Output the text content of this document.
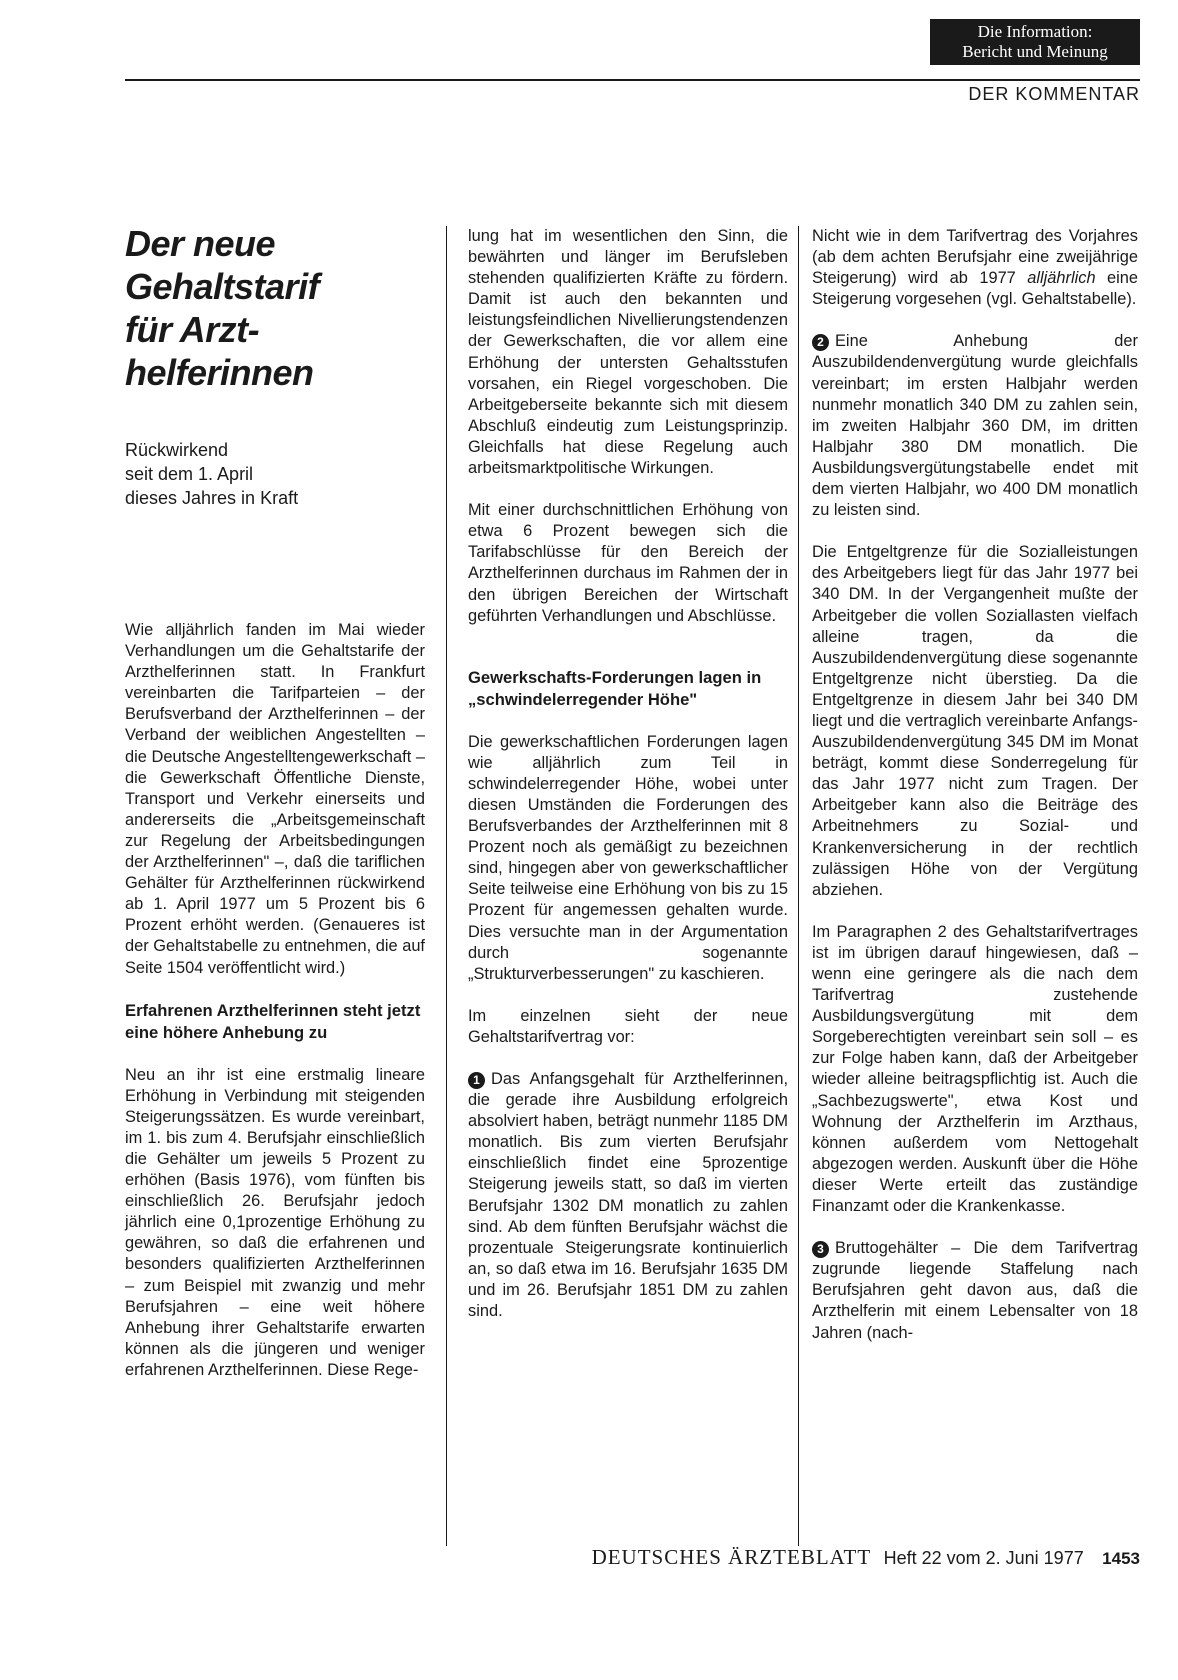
Die Information:
Bericht und Meinung
DER KOMMENTAR
Der neue
Gehaltstarif
für Arzt-
helferinnen
Rückwirkend
seit dem 1. April
dieses Jahres in Kraft

Wie alljährlich fanden im Mai wieder Verhandlungen um die Gehaltstarife der Arzthelferinnen statt. In Frankfurt vereinbarten die Tarifparteien – der Berufsverband der Arzthelferinnen – der Verband der weiblichen Angestellten – die Deutsche Angestelltengewerkschaft – die Gewerkschaft Öffentliche Dienste, Transport und Verkehr einerseits und andererseits die „Arbeitsgemeinschaft zur Regelung der Arbeitsbedingungen der Arzthelferinnen" –, daß die tariflichen Gehälter für Arzthelferinnen rückwirkend ab 1. April 1977 um 5 Prozent bis 6 Prozent erhöht werden. (Genaueres ist der Gehaltstabelle zu entnehmen, die auf Seite 1504 veröffentlicht wird.)

Erfahrenen Arzthelferinnen steht jetzt eine höhere Anhebung zu

Neu an ihr ist eine erstmalig lineare Erhöhung in Verbindung mit steigenden Steigerungssätzen. Es wurde vereinbart, im 1. bis zum 4. Berufsjahr einschließlich die Gehälter um jeweils 5 Prozent zu erhöhen (Basis 1976), vom fünften bis einschließlich 26. Berufsjahr jedoch jährlich eine 0,1prozentige Erhöhung zu gewähren, so daß die erfahrenen und besonders qualifizierten Arzthelferinnen – zum Beispiel mit zwanzig und mehr Berufsjahren – eine weit höhere Anhebung ihrer Gehaltstarife erwarten können als die jüngeren und weniger erfahrenen Arzthelferinnen. Diese Rege-

lung hat im wesentlichen den Sinn, die bewährten und länger im Berufsleben stehenden qualifizierten Kräfte zu fördern. Damit ist auch den bekannten und leistungsfeindlichen Nivellierungstendenzen der Gewerkschaften, die vor allem eine Erhöhung der untersten Gehaltsstufen vorsahen, ein Riegel vorgeschoben. Die Arbeitgeberseite bekannte sich mit diesem Abschluß eindeutig zum Leistungsprinzip. Gleichfalls hat diese Regelung auch arbeitsmarktpolitische Wirkungen.

Mit einer durchschnittlichen Erhöhung von etwa 6 Prozent bewegen sich die Tarifabschlüsse für den Bereich der Arzthelferinnen durchaus im Rahmen der in den übrigen Bereichen der Wirtschaft geführten Verhandlungen und Abschlüsse.

Gewerkschafts-Forderungen lagen in „schwindelerregender Höhe"

Die gewerkschaftlichen Forderungen lagen wie alljährlich zum Teil in schwindelerregender Höhe, wobei unter diesen Umständen die Forderungen des Berufsverbandes der Arzthelferinnen mit 8 Prozent noch als gemäßigt zu bezeichnen sind, hingegen aber von gewerkschaftlicher Seite teilweise eine Erhöhung von bis zu 15 Prozent für angemessen gehalten wurde. Dies versuchte man in der Argumentation durch sogenannte „Strukturverbesserungen" zu kaschieren.

Im einzelnen sieht der neue Gehaltstarifvertrag vor:

1 Das Anfangsgehalt für Arzthelferinnen, die gerade ihre Ausbildung erfolgreich absolviert haben, beträgt nunmehr 1185 DM monatlich. Bis zum vierten Berufsjahr einschließlich findet eine 5prozentige Steigerung jeweils statt, so daß im vierten Berufsjahr 1302 DM monatlich zu zahlen sind. Ab dem fünften Berufsjahr wächst die prozentuale Steigerungsrate kontinuierlich an, so daß etwa im 16. Berufsjahr 1635 DM und im 26. Berufsjahr 1851 DM zu zahlen sind.

Nicht wie in dem Tarifvertrag des Vorjahres (ab dem achten Berufsjahr eine zweijährige Steigerung) wird ab 1977 alljährlich eine Steigerung vorgesehen (vgl. Gehaltstabelle).

2 Eine Anhebung der Auszubildendenvergütung wurde gleichfalls vereinbart; im ersten Halbjahr werden nunmehr monatlich 340 DM zu zahlen sein, im zweiten Halbjahr 360 DM, im dritten Halbjahr 380 DM monatlich. Die Ausbildungsvergütungstabelle endet mit dem vierten Halbjahr, wo 400 DM monatlich zu leisten sind.

Die Entgeltgrenze für die Sozialleistungen des Arbeitgebers liegt für das Jahr 1977 bei 340 DM. In der Vergangenheit mußte der Arbeitgeber die vollen Soziallasten vielfach alleine tragen, da die Auszubildendenvergütung diese sogenannte Entgeltgrenze nicht überstieg. Da die Entgeltgrenze in diesem Jahr bei 340 DM liegt und die vertraglich vereinbarte Anfangs-Auszubildendenvergütung 345 DM im Monat beträgt, kommt diese Sonderregelung für das Jahr 1977 nicht zum Tragen. Der Arbeitgeber kann also die Beiträge des Arbeitnehmers zu Sozial- und Krankenversicherung in der rechtlich zulässigen Höhe von der Vergütung abziehen.

Im Paragraphen 2 des Gehaltstarifvertrages ist im übrigen darauf hingewiesen, daß – wenn eine geringere als die nach dem Tarifvertrag zustehende Ausbildungsvergütung mit dem Sorgeberechtigten vereinbart sein soll – es zur Folge haben kann, daß der Arbeitgeber wieder alleine beitragspflichtig ist. Auch die „Sachbezugswerte", etwa Kost und Wohnung der Arzthelferin im Arzthaus, können außerdem vom Nettogehalt abgezogen werden. Auskunft über die Höhe dieser Werte erteilt das zuständige Finanzamt oder die Krankenkasse.

3 Bruttogehälter – Die dem Tarifvertrag zugrunde liegende Staffelung nach Berufsjahren geht davon aus, daß die Arzthelferin mit einem Lebensalter von 18 Jahren (nach-

DEUTSCHES ÄRZTEBLATT Heft 22 vom 2. Juni 1977 1453
